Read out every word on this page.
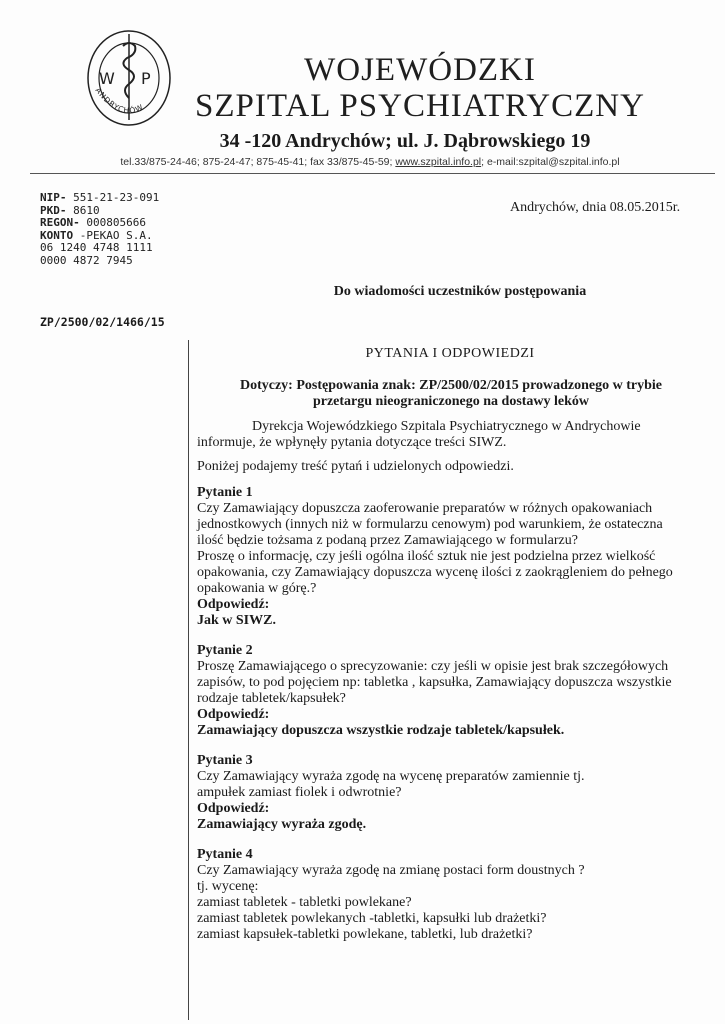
W P
ANDRYCHÓW
WOJEWÓDZKI
SZPITAL PSYCHIATRYCZNY
34 -120 Andrychów; ul. J. Dąbrowskiego 19
tel.33/875-24-46; 875-24-47; 875-45-41; fax 33/875-45-59; www.szpital.info.pl; e-mail:szpital@szpital.info.pl
NIP- 551-21-23-091
PKD- 8610
REGON- 000805666
KONTO -PEKAO S.A.
06 1240 4748 1111
0000 4872 7945
ZP/2500/02/1466/15
Andrychów, dnia 08.05.2015r.
Do wiadomości uczestników postępowania
PYTANIA I ODPOWIEDZI
Dotyczy: Postępowania znak: ZP/2500/02/2015 prowadzonego w trybie
przetargu nieograniczonego na dostawy leków
Dyrekcja Wojewódzkiego Szpitala Psychiatrycznego w Andrychowie
informuje, że wpłynęły pytania dotyczące treści SIWZ.
Poniżej podajemy treść pytań i udzielonych odpowiedzi.
Pytanie 1
Czy Zamawiający dopuszcza zaoferowanie preparatów w różnych opakowaniach
jednostkowych (innych niż w formularzu cenowym) pod warunkiem, że ostateczna
ilość będzie tożsama z podaną przez Zamawiającego w formularzu?
Proszę o informację, czy jeśli ogólna ilość sztuk nie jest podzielna przez wielkość
opakowania, czy Zamawiający dopuszcza wycenę ilości z zaokrągleniem do pełnego
opakowania w górę.?
Odpowiedź:
Jak w SIWZ.
Pytanie 2
Proszę Zamawiającego o sprecyzowanie: czy jeśli w opisie jest brak szczegółowych
zapisów, to pod pojęciem np: tabletka , kapsułka, Zamawiający dopuszcza wszystkie
rodzaje tabletek/kapsułek?
Odpowiedź:
Zamawiający dopuszcza wszystkie rodzaje tabletek/kapsułek.
Pytanie 3
Czy Zamawiający wyraża zgodę na wycenę preparatów zamiennie tj.
ampułek zamiast fiolek i odwrotnie?
Odpowiedź:
Zamawiający wyraża zgodę.
Pytanie 4
Czy Zamawiający wyraża zgodę na zmianę postaci form doustnych ?
tj. wycenę:
zamiast tabletek - tabletki powlekane?
zamiast tabletek powlekanych -tabletki, kapsułki lub drażetki?
zamiast kapsułek-tabletki powlekane, tabletki, lub drażetki?
